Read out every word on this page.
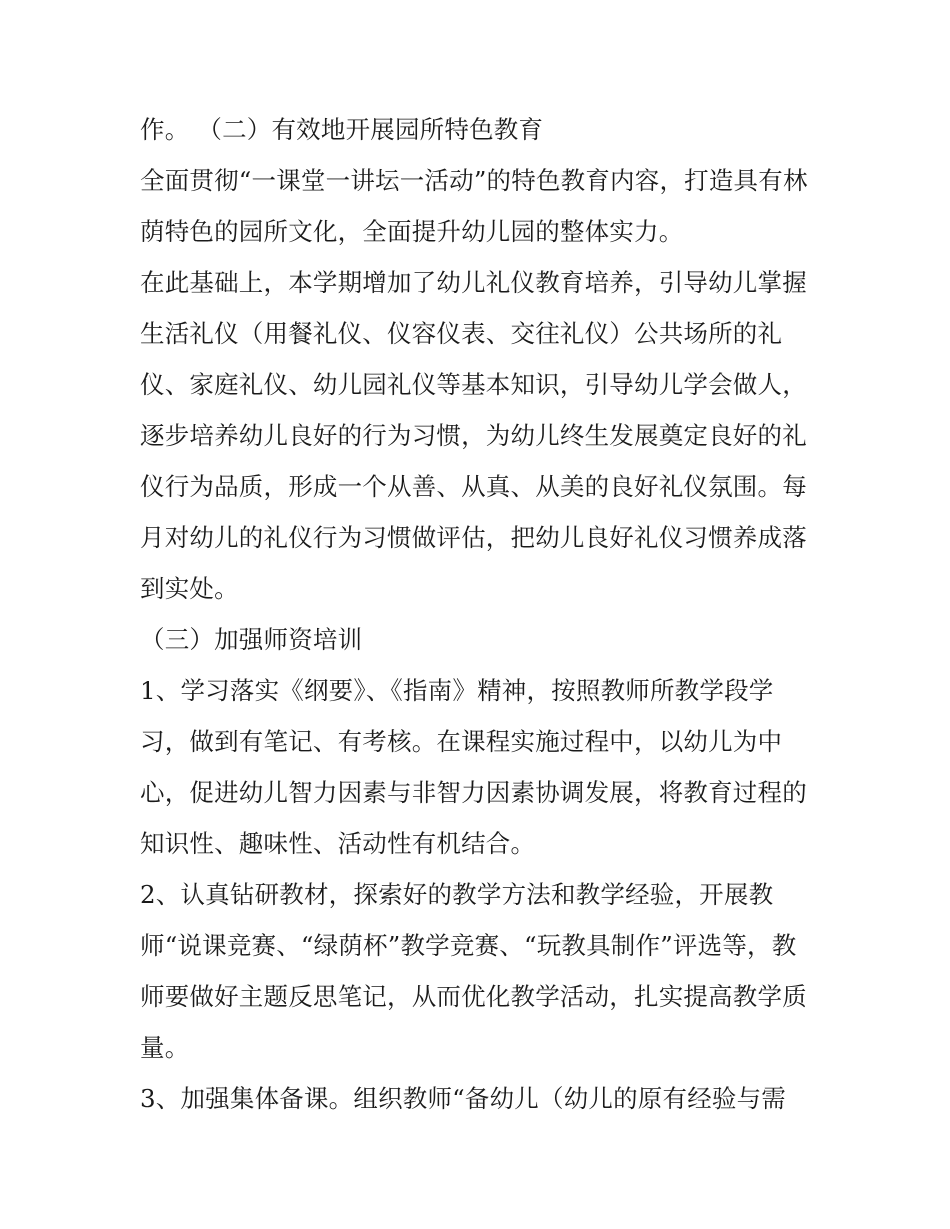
作。 （二）有效地开展园所特色教育

全面贯彻“一课堂一讲坛一活动”的特色教育内容，打造具有林
荫特色的园所文化，全面提升幼儿园的整体实力。

在此基础上，本学期增加了幼儿礼仪教育培养，引导幼儿掌握
生活礼仪（用餐礼仪、仪容仪表、交往礼仪）公共场所的礼
仪、家庭礼仪、幼儿园礼仪等基本知识，引导幼儿学会做人，
逐步培养幼儿良好的行为习惯，为幼儿终生发展奠定良好的礼
仪行为品质，形成一个从善、从真、从美的良好礼仪氛围。每
月对幼儿的礼仪行为习惯做评估，把幼儿良好礼仪习惯养成落
到实处。

（三）加强师资培训

1、学习落实《纲要》、《指南》精神，按照教师所教学段学
习，做到有笔记、有考核。在课程实施过程中，以幼儿为中
心，促进幼儿智力因素与非智力因素协调发展，将教育过程的
知识性、趣味性、活动性有机结合。

2、认真钻研教材，探索好的教学方法和教学经验，开展教
师“说课竞赛、“绿荫杯”教学竞赛、“玩教具制作”评选等，教
师要做好主题反思笔记，从而优化教学活动，扎实提高教学质
量。

3、加强集体备课。组织教师“备幼儿（幼儿的原有经验与需
